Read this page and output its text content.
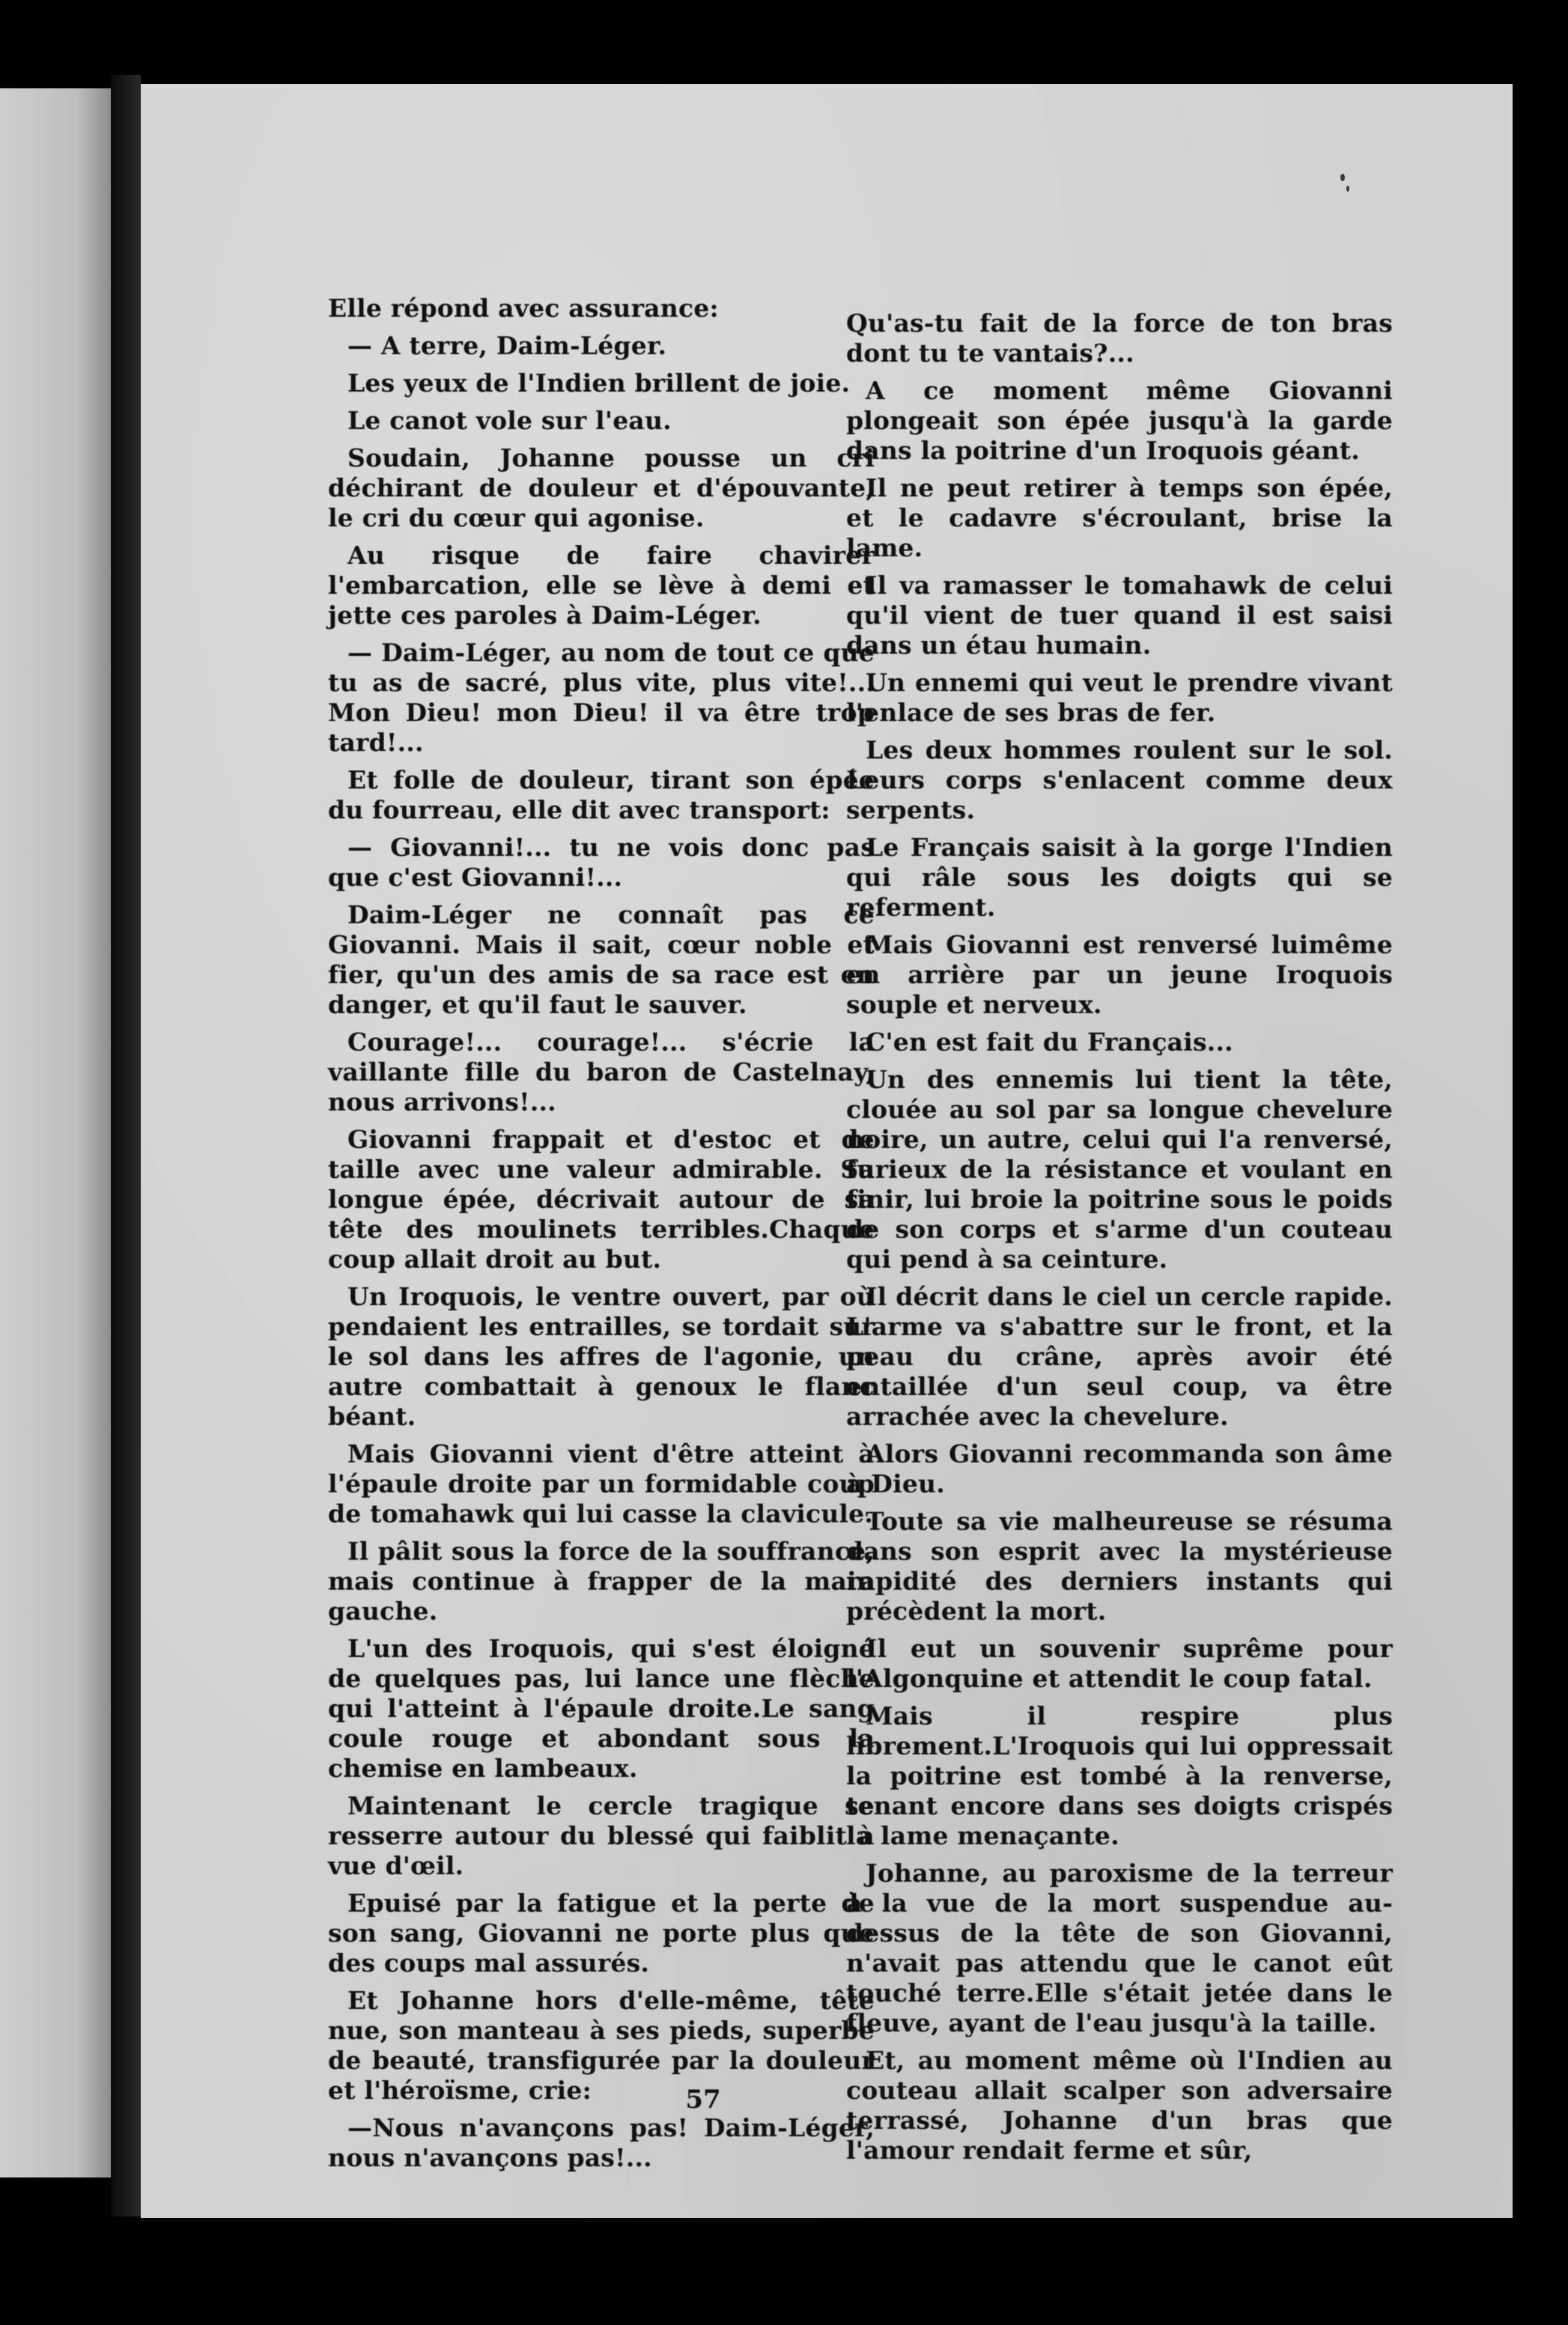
Elle répond avec assurance:

— A terre, Daim-Léger.

Les yeux de l'Indien brillent de joie.

Le canot vole sur l'eau.

Soudain, Johanne pousse un cri déchirant de douleur et d'épouvante, le cri du cœur qui agonise.

Au risque de faire chavirer l'embarcation, elle se lève à demi et jette ces paroles à Daim-Léger.

— Daim-Léger, au nom de tout ce que tu as de sacré, plus vite, plus vite!... Mon Dieu! mon Dieu! il va être trop tard!...

Et folle de douleur, tirant son épée du fourreau, elle dit avec transport:

— Giovanni!... tu ne vois donc pas que c'est Giovanni!...

Daim-Léger ne connaît pas ce Giovanni. Mais il sait, cœur noble et fier, qu'un des amis de sa race est en danger, et qu'il faut le sauver.

Courage!... courage!... s'écrie la vaillante fille du baron de Castelnay, nous arrivons!...

Giovanni frappait et d'estoc et de taille avec une valeur admirable. Sa longue épée, décrivait autour de sa tête des moulinets terribles.Chaque coup allait droit au but.

Un Iroquois, le ventre ouvert, par où pendaient les entrailles, se tordait sur le sol dans les affres de l'agonie, un autre combattait à genoux le flanc béant.

Mais Giovanni vient d'être atteint à l'épaule droite par un formidable coup de tomahawk qui lui casse la clavicule.

Il pâlit sous la force de la souffrance, mais continue à frapper de la main gauche.

L'un des Iroquois, qui s'est éloigné de quelques pas, lui lance une flèche qui l'atteint à l'épaule droite.Le sang coule rouge et abondant sous la chemise en lambeaux.

Maintenant le cercle tragique se resserre autour du blessé qui faiblit à vue d'œil.

Epuisé par la fatigue et la perte de son sang, Giovanni ne porte plus que des coups mal assurés.

Et Johanne hors d'elle-même, tête nue, son manteau à ses pieds, superbe de beauté, transfigurée par la douleur et l'héroïsme, crie:

—Nous n'avançons pas! Daim-Léger, nous n'avançons pas!...

Qu'as-tu fait de la force de ton bras dont tu te vantais?...

A ce moment même Giovanni plongeait son épée jusqu'à la garde dans la poitrine d'un Iroquois géant.

Il ne peut retirer à temps son épée, et le cadavre s'écroulant, brise la lame.

Il va ramasser le tomahawk de celui qu'il vient de tuer quand il est saisi dans un étau humain.

Un ennemi qui veut le prendre vivant l'enlace de ses bras de fer.

Les deux hommes roulent sur le sol. Leurs corps s'enlacent comme deux serpents.

Le Français saisit à la gorge l'Indien qui râle sous les doigts qui se referment.

Mais Giovanni est renversé luimême en arrière par un jeune Iroquois souple et nerveux.

C'en est fait du Français...

Un des ennemis lui tient la tête, clouée au sol par sa longue chevelure noire, un autre, celui qui l'a renversé, furieux de la résistance et voulant en finir, lui broie la poitrine sous le poids de son corps et s'arme d'un couteau qui pend à sa ceinture.

Il décrit dans le ciel un cercle rapide. L'arme va s'abattre sur le front, et la peau du crâne, après avoir été entaillée d'un seul coup, va être arrachée avec la chevelure.

Alors Giovanni recommanda son âme à Dieu.

Toute sa vie malheureuse se résuma dans son esprit avec la mystérieuse rapidité des derniers instants qui précèdent la mort.

Il eut un souvenir suprême pour l'Algonquine et attendit le coup fatal.

Mais il respire plus librement.L'Iroquois qui lui oppressait la poitrine est tombé à la renverse, tenant encore dans ses doigts crispés la lame menaçante.

Johanne, au paroxisme de la terreur à la vue de la mort suspendue au-dessus de la tête de son Giovanni, n'avait pas attendu que le canot eût touché terre.Elle s'était jetée dans le fleuve, ayant de l'eau jusqu'à la taille.

Et, au moment même où l'Indien au couteau allait scalper son adversaire terrassé, Johanne d'un bras que l'amour rendait ferme et sûr,

57
